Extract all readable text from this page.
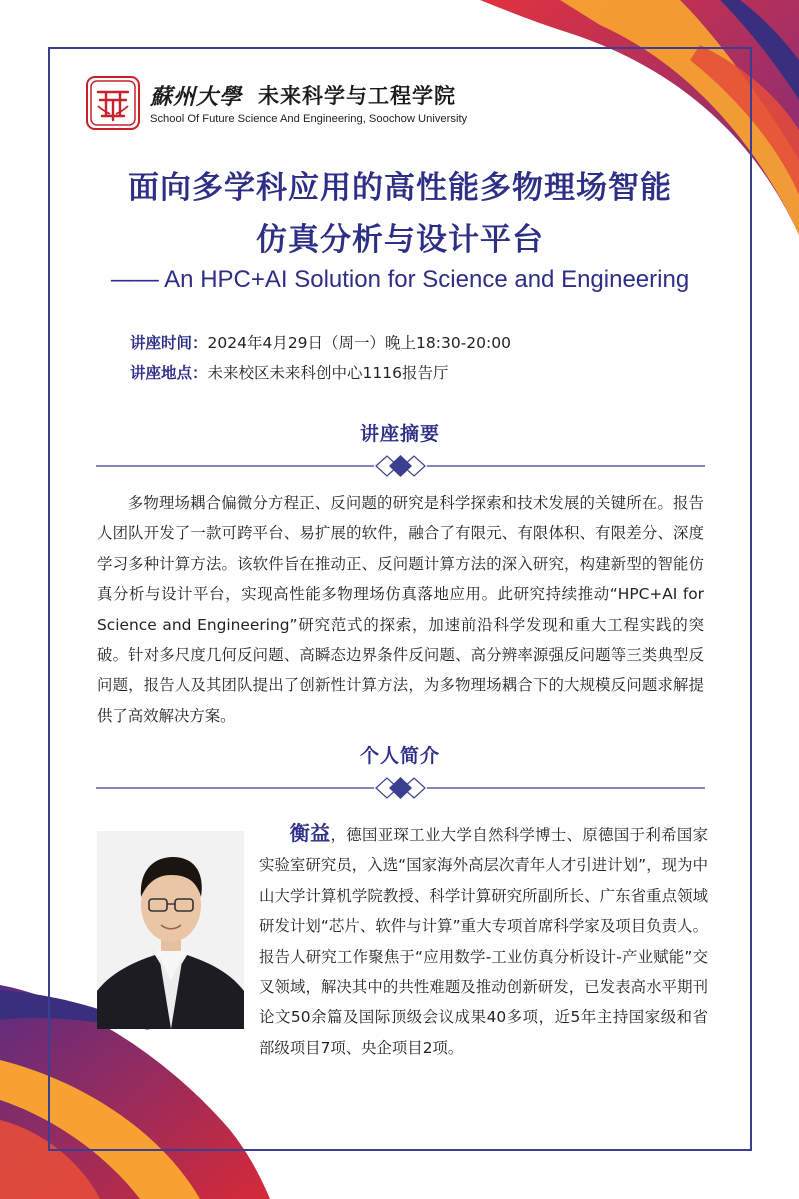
蘇州大學 未来科学与工程学院
School Of Future Science And Engineering, Soochow University
面向多学科应用的高性能多物理场智能
仿真分析与设计平台
—— An HPC+AI Solution for Science and Engineering
讲座时间：2024年4月29日（周一）晚上18:30-20:00
讲座地点：未来校区未来科创中心1116报告厅
讲座摘要

多物理场耦合偏微分方程正、反问题的研究是科学探索和技术发展的关键所在。报告人团队开发了一款可跨平台、易扩展的软件，融合了有限元、有限体积、有限差分、深度学习多种计算方法。该软件旨在推动正、反问题计算方法的深入研究，构建新型的智能仿真分析与设计平台，实现高性能多物理场仿真落地应用。此研究持续推动“HPC+AI for Science and Engineering”研究范式的探索，加速前沿科学发现和重大工程实践的突破。针对多尺度几何反问题、高瞬态边界条件反问题、高分辨率源强反问题等三类典型反问题，报告人及其团队提出了创新性计算方法，为多物理场耦合下的大规模反问题求解提供了高效解决方案。

个人简介

衡益，德国亚琛工业大学自然科学博士、原德国于利希国家实验室研究员，入选“国家海外高层次青年人才引进计划”，现为中山大学计算机学院教授、科学计算研究所副所长、广东省重点领域研发计划“芯片、软件与计算”重大专项首席科学家及项目负责人。报告人研究工作聚焦于“应用数学-工业仿真分析设计-产业赋能”交叉领域，解决其中的共性难题及推动创新研发，已发表高水平期刊论文50余篇及国际顶级会议成果40多项，近5年主持国家级和省部级项目7项、央企项目2项。
